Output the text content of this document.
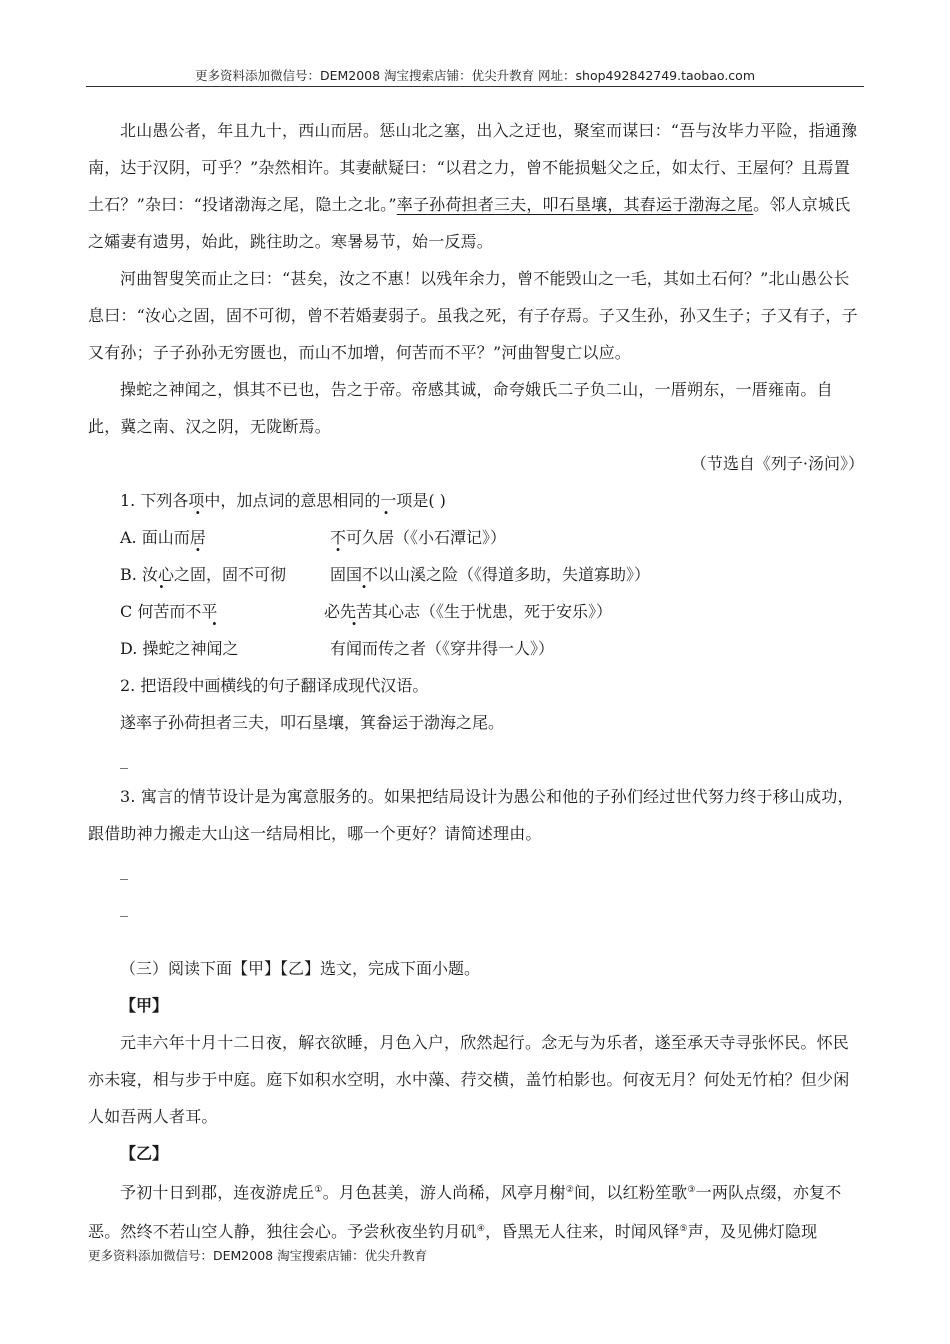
更多资料添加微信号：DEM2008 淘宝搜索店铺：优尖升教育 网址：shop492842749.taobao.com

北山愚公者，年且九十，西山而居。惩山北之塞，出入之迂也，聚室而谋曰：“吾与汝毕力平险，指通豫南，达于汉阴，可乎？”杂然相许。其妻献疑曰：“以君之力，曾不能损魁父之丘，如太行、王屋何？且焉置土石？”杂曰：“投诸渤海之尾，隐土之北。”率子孙荷担者三夫，叩石垦壤，其舂运于渤海之尾。邻人京城氏之孀妻有遗男，始此，跳往助之。寒暑易节，始一反焉。

河曲智叟笑而止之曰：“甚矣，汝之不惠！以残年余力，曾不能毁山之一毛，其如土石何？”北山愚公长息曰：“汝心之固，固不可彻，曾不若婚妻弱子。虽我之死，有子存焉。子又生孙，孙又生子；子又有子，子又有孙；子子孙孙无穷匮也，而山不加增，何苦而不平？”河曲智叟亡以应。

操蛇之神闻之，惧其不已也，告之于帝。帝感其诚，命夸娥氏二子负二山，一厝朔东，一厝雍南。自此，冀之南、汉之阴，无陇断焉。

（节选自《列子·汤问》）

1. 下列各项中，加点词的意思相同的一项是( )

A. 面山而居	不可久居（《小石潭记》）
B. 汝心之固，固不可彻	固国不以山溪之险（《得道多助，失道寡助》）
C 何苦而不平	必先苦其心志（《生于忧患，死于安乐》）
D. 操蛇之神闻之	有闻而传之者（《穿井得一人》）

2. 把语段中画横线的句子翻译成现代汉语。

遂率子孙荷担者三夫，叩石垦壤，箕畚运于渤海之尾。

_

3. 寓言的情节设计是为寓意服务的。如果把结局设计为愚公和他的子孙们经过世代努力终于移山成功，跟借助神力搬走大山这一结局相比，哪一个更好？请简述理由。

_

_

（三）阅读下面【甲】【乙】选文，完成下面小题。

【甲】

元丰六年十月十二日夜，解衣欲睡，月色入户，欣然起行。念无与为乐者，遂至承天寺寻张怀民。怀民亦未寝，相与步于中庭。庭下如积水空明，水中藻、荇交横，盖竹柏影也。何夜无月？何处无竹柏？但少闲人如吾两人者耳。

【乙】

予初十日到郡，连夜游虎丘①。月色甚美，游人尚稀，风亭月榭②间，以红粉笙歌③一两队点缀，亦复不恶。然终不若山空人静，独往会心。予尝秋夜坐钓月矶④，昏黑无人往来，时闻风铎⑤声，及见佛灯隐现

更多资料添加微信号：DEM2008 淘宝搜索店铺：优尖升教育
